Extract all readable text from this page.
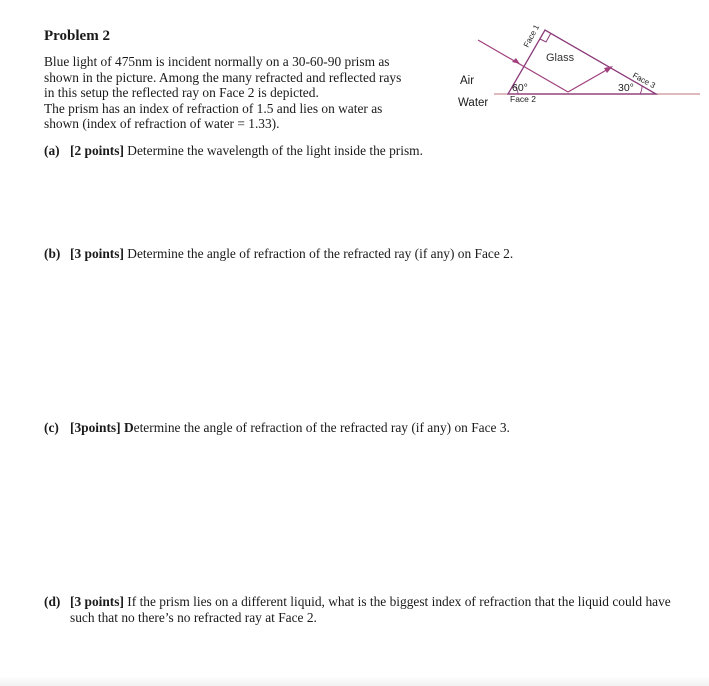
Problem 2
Blue light of 475nm is incident normally on a 30-60-90 prism as
shown in the picture. Among the many refracted and reflected rays
in this setup the reflected ray on Face 2 is depicted.
The prism has an index of refraction of 1.5 and lies on water as
shown (index of refraction of water = 1.33).
Air
Water
Glass
60°
Face 2
30°
Face 1
Face 3
(a) [2 points] Determine the wavelength of the light inside the prism.
(b) [3 points] Determine the angle of refraction of the refracted ray (if any) on Face 2.
(c) [3points] Determine the angle of refraction of the refracted ray (if any) on Face 3.
(d) [3 points] If the prism lies on a different liquid, what is the biggest index of refraction that the liquid could have such that no there’s no refracted ray at Face 2.
